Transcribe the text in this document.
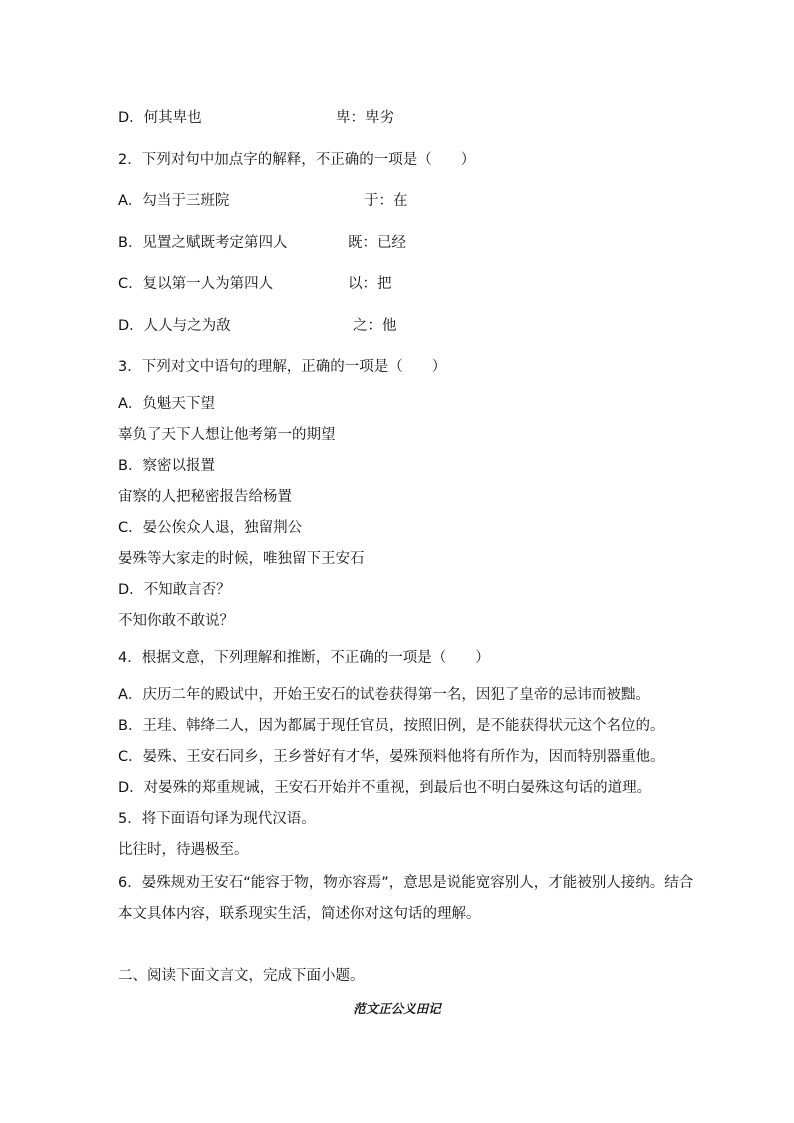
D．何其卑也	卑：卑劣
2．下列对句中加点字的解释，不正确的一项是（　　）
A．勾当于三班院	于：在
B．见置之赋既考定第四人	既：已经
C．复以第一人为第四人	以：把
D．人人与之为敌	之：他
3．下列对文中语句的理解，正确的一项是（　　）
A．负魁天下望
辜负了天下人想让他考第一的期望
B．察密以报置
宙察的人把秘密报告给杨置
C．晏公俟众人退，独留荆公
晏殊等大家走的时候，唯独留下王安石
D．不知敢言否？
不知你敢不敢说？
4．根据文意，下列理解和推断，不正确的一项是（　　）
A．庆历二年的殿试中，开始王安石的试卷获得第一名，因犯了皇帝的忌讳而被黜。
B．王珪、韩绛二人，因为都属于现任官员，按照旧例，是不能获得状元这个名位的。
C．晏殊、王安石同乡，王乡誉好有才华，晏殊预料他将有所作为，因而特别器重他。
D．对晏殊的郑重规诫，王安石开始并不重视，到最后也不明白晏殊这句话的道理。
5．将下面语句译为现代汉语。
比往时，待遇极至。
6．晏殊规劝王安石“能容于物，物亦容焉”，意思是说能宽容别人，才能被别人接纳。结合
本文具体内容，联系现实生活，简述你对这句话的理解。
二、阅读下面文言文，完成下面小题。
范文正公义田记
